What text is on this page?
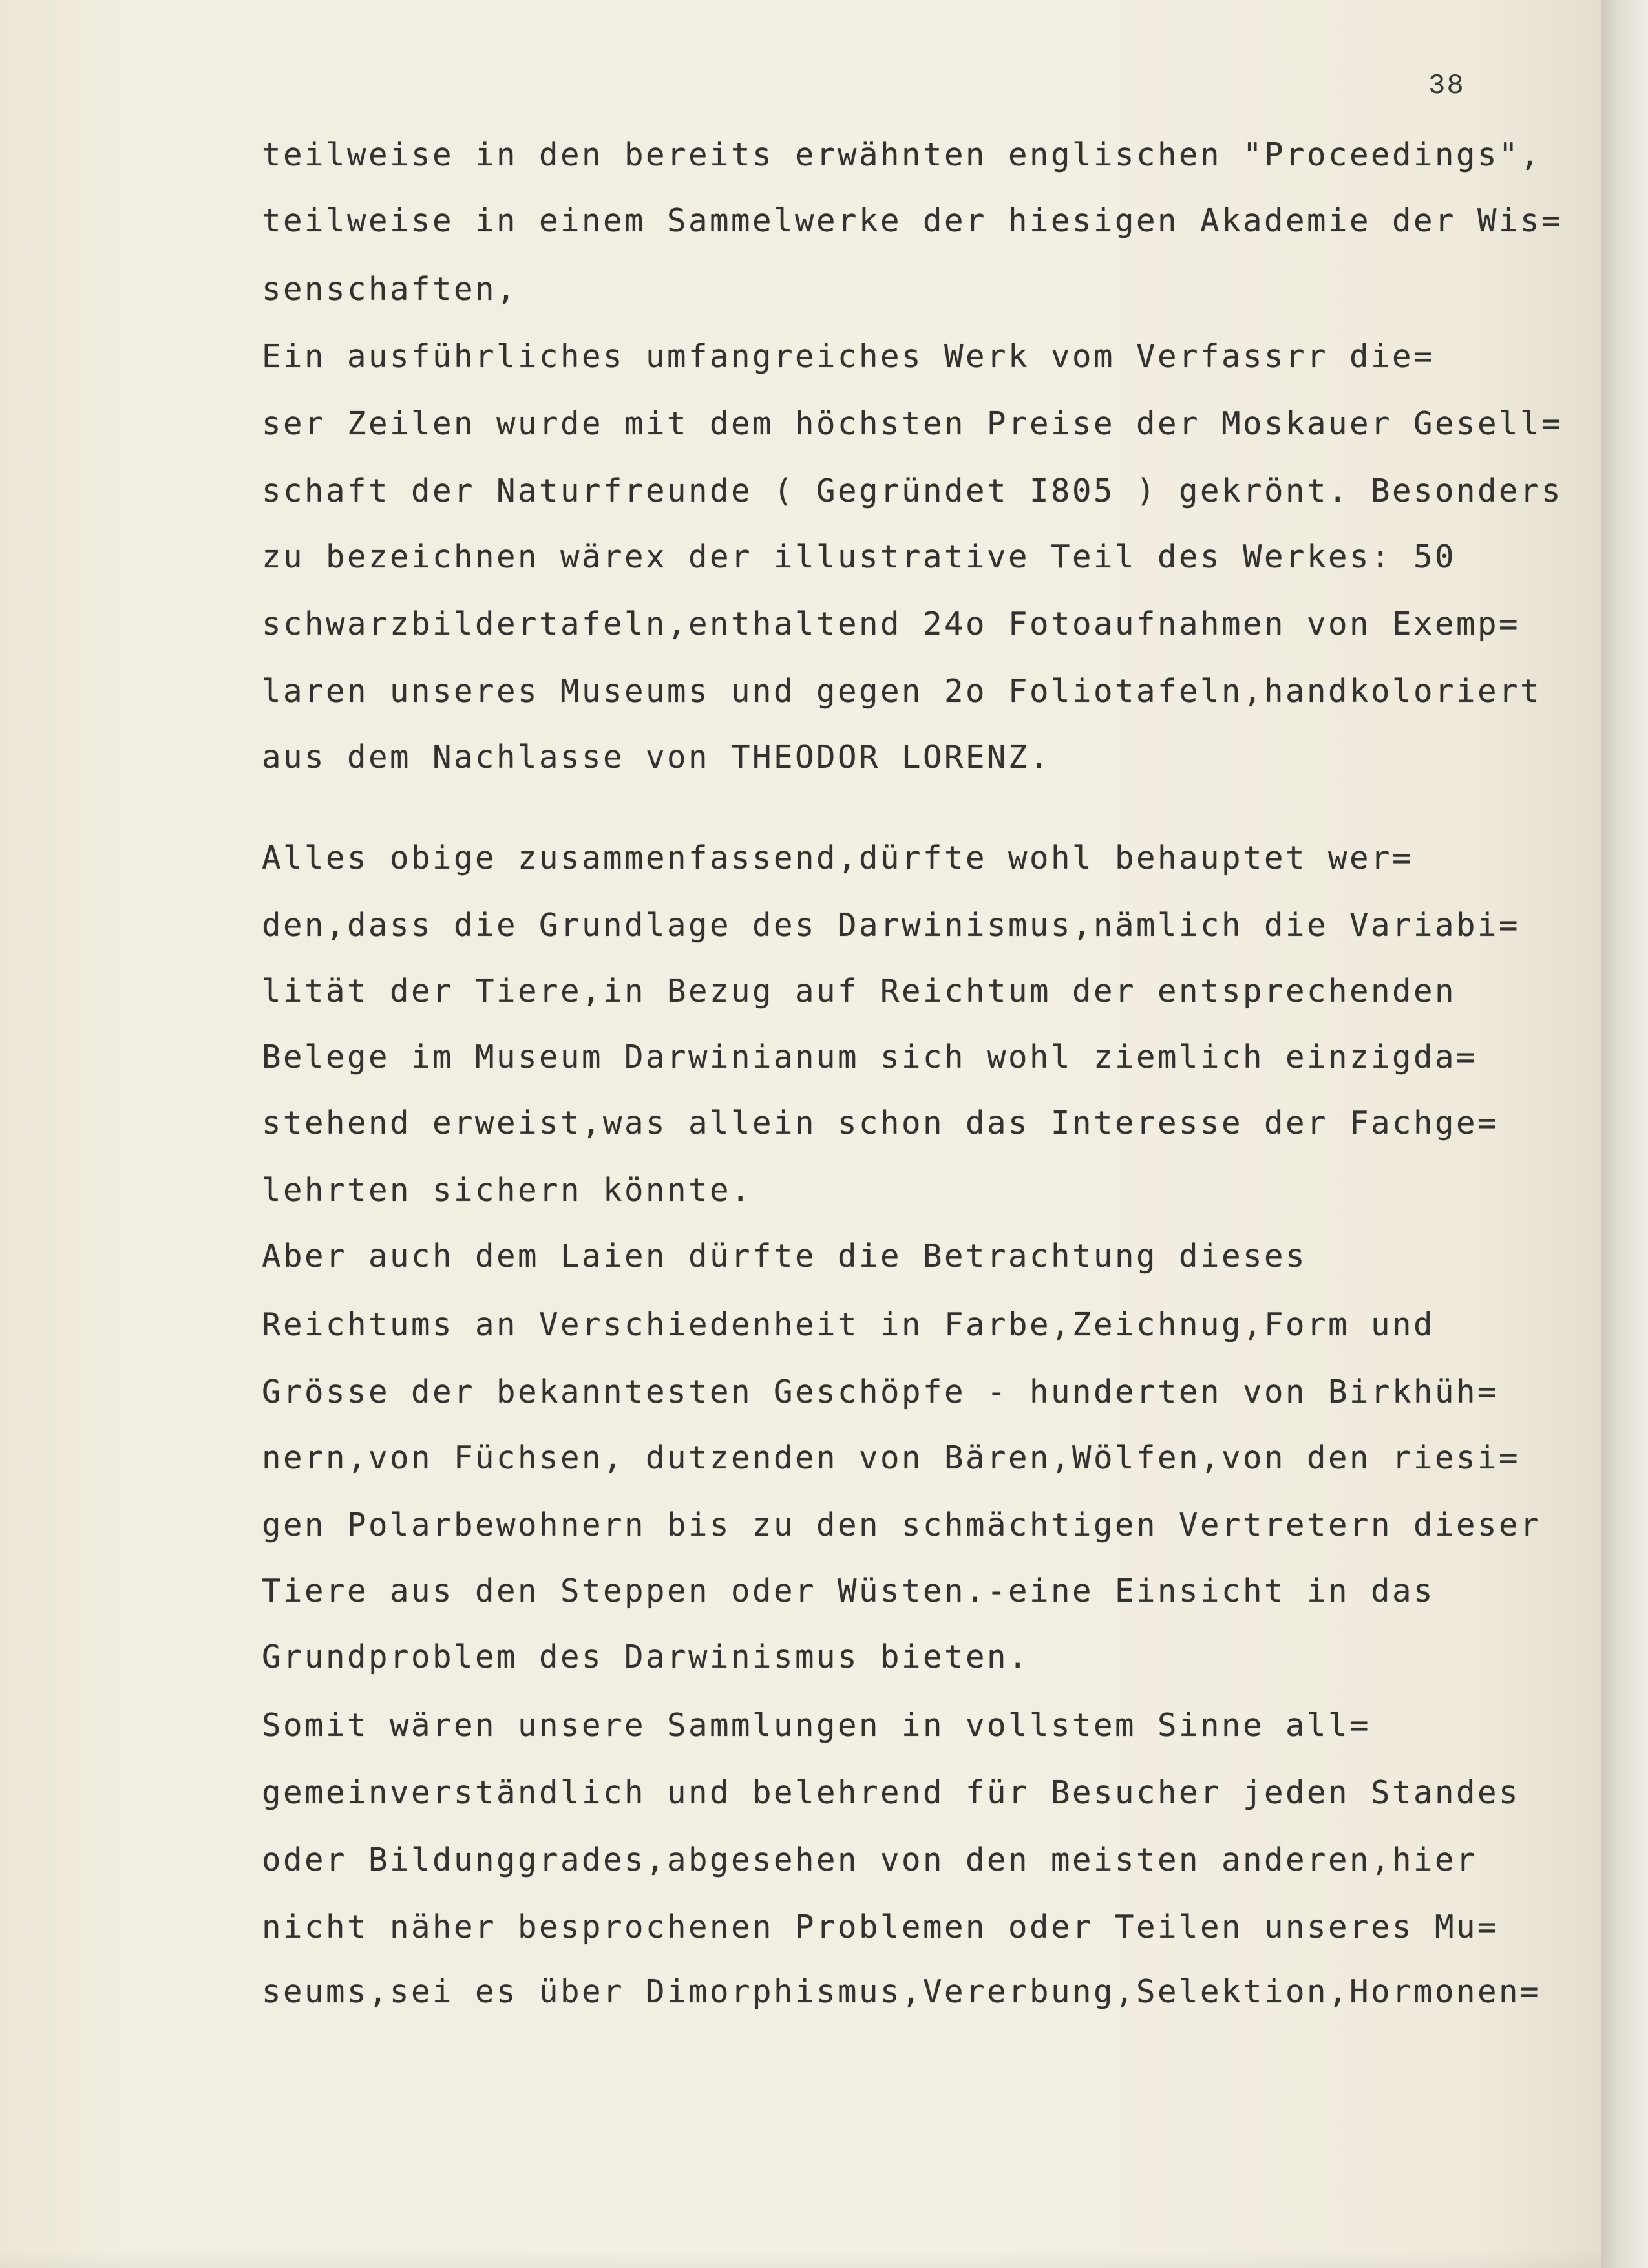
38
teilweise in den bereits erwähnten englischen "Proceedings",
teilweise in einem Sammelwerke der hiesigen Akademie der Wis=
senschaften,
Ein ausführliches umfangreiches Werk vom Verfassrr die=
ser Zeilen wurde mit dem höchsten Preise der Moskauer Gesell=
schaft der Naturfreunde ( Gegründet I805 ) gekrönt. Besonders
zu bezeichnen wärex der illustrative Teil des Werkes: 50
schwarzbildertafeln,enthaltend 24o Fotoaufnahmen von Exemp=
laren unseres Museums und gegen 2o Foliotafeln,handkoloriert
aus dem Nachlasse von THEODOR LORENZ.
Alles obige zusammenfassend,dürfte wohl behauptet wer=
den,dass die Grundlage des Darwinismus,nämlich die Variabi=
lität der Tiere,in Bezug auf Reichtum der entsprechenden
Belege im Museum Darwinianum sich wohl ziemlich einzigda=
stehend erweist,was allein schon das Interesse der Fachge=
lehrten sichern könnte.
Aber auch dem Laien dürfte die Betrachtung dieses
Reichtums an Verschiedenheit in Farbe,Zeichnug,Form und
Grösse der bekanntesten Geschöpfe - hunderten von Birkhüh=
nern,von Füchsen, dutzenden von Bären,Wölfen,von den riesi=
gen Polarbewohnern bis zu den schmächtigen Vertretern dieser
Tiere aus den Steppen oder Wüsten.-eine Einsicht in das
Grundproblem des Darwinismus bieten.
Somit wären unsere Sammlungen in vollstem Sinne all=
gemeinverständlich und belehrend für Besucher jeden Standes
oder Bildunggrades,abgesehen von den meisten anderen,hier
nicht näher besprochenen Problemen oder Teilen unseres Mu=
seums,sei es über Dimorphismus,Vererbung,Selektion,Hormonen=
